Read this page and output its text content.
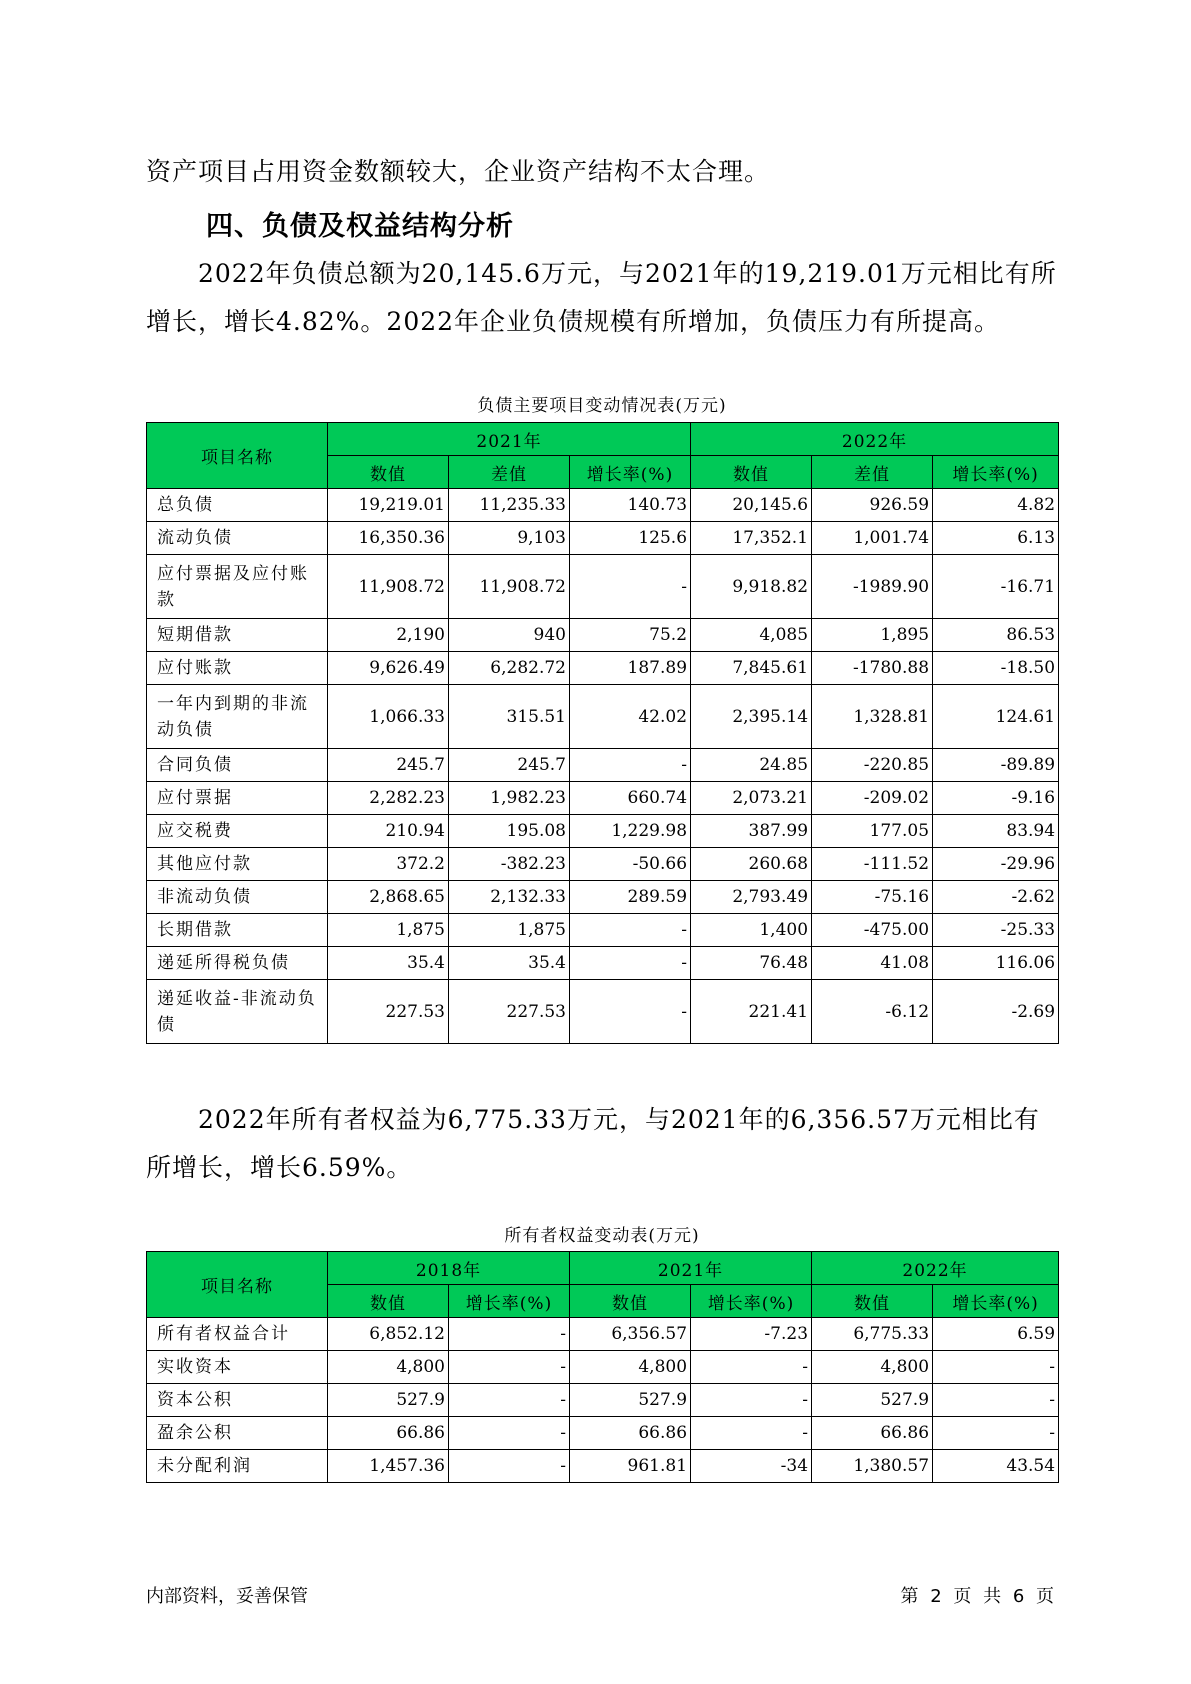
资产项目占用资金数额较大，企业资产结构不太合理。
四、负债及权益结构分析
2022年负债总额为20,145.6万元，与2021年的19,219.01万元相比有所
增长，增长4.82%。2022年企业负债规模有所增加，负债压力有所提高。
负债主要项目变动情况表(万元)
项目名称	2021年			2022年		
	数值	差值	增长率(%)	数值	差值	增长率(%)
总负债	19,219.01	11,235.33	140.73	20,145.6	926.59	4.82
流动负债	16,350.36	9,103	125.6	17,352.1	1,001.74	6.13
应付票据及应付账款	11,908.72	11,908.72	-	9,918.82	-1989.90	-16.71
短期借款	2,190	940	75.2	4,085	1,895	86.53
应付账款	9,626.49	6,282.72	187.89	7,845.61	-1780.88	-18.50
一年内到期的非流动负债	1,066.33	315.51	42.02	2,395.14	1,328.81	124.61
合同负债	245.7	245.7	-	24.85	-220.85	-89.89
应付票据	2,282.23	1,982.23	660.74	2,073.21	-209.02	-9.16
应交税费	210.94	195.08	1,229.98	387.99	177.05	83.94
其他应付款	372.2	-382.23	-50.66	260.68	-111.52	-29.96
非流动负债	2,868.65	2,132.33	289.59	2,793.49	-75.16	-2.62
长期借款	1,875	1,875	-	1,400	-475.00	-25.33
递延所得税负债	35.4	35.4	-	76.48	41.08	116.06
递延收益-非流动负债	227.53	227.53	-	221.41	-6.12	-2.69
2022年所有者权益为6,775.33万元，与2021年的6,356.57万元相比有
所增长，增长6.59%。
所有者权益变动表(万元)
项目名称	2018年		2021年		2022年	
	数值	增长率(%)	数值	增长率(%)	数值	增长率(%)
所有者权益合计	6,852.12	-	6,356.57	-7.23	6,775.33	6.59
实收资本	4,800	-	4,800	-	4,800	-
资本公积	527.9	-	527.9	-	527.9	-
盈余公积	66.86	-	66.86	-	66.86	-
未分配利润	1,457.36	-	961.81	-34	1,380.57	43.54
内部资料，妥善保管	第 2 页 共 6 页
